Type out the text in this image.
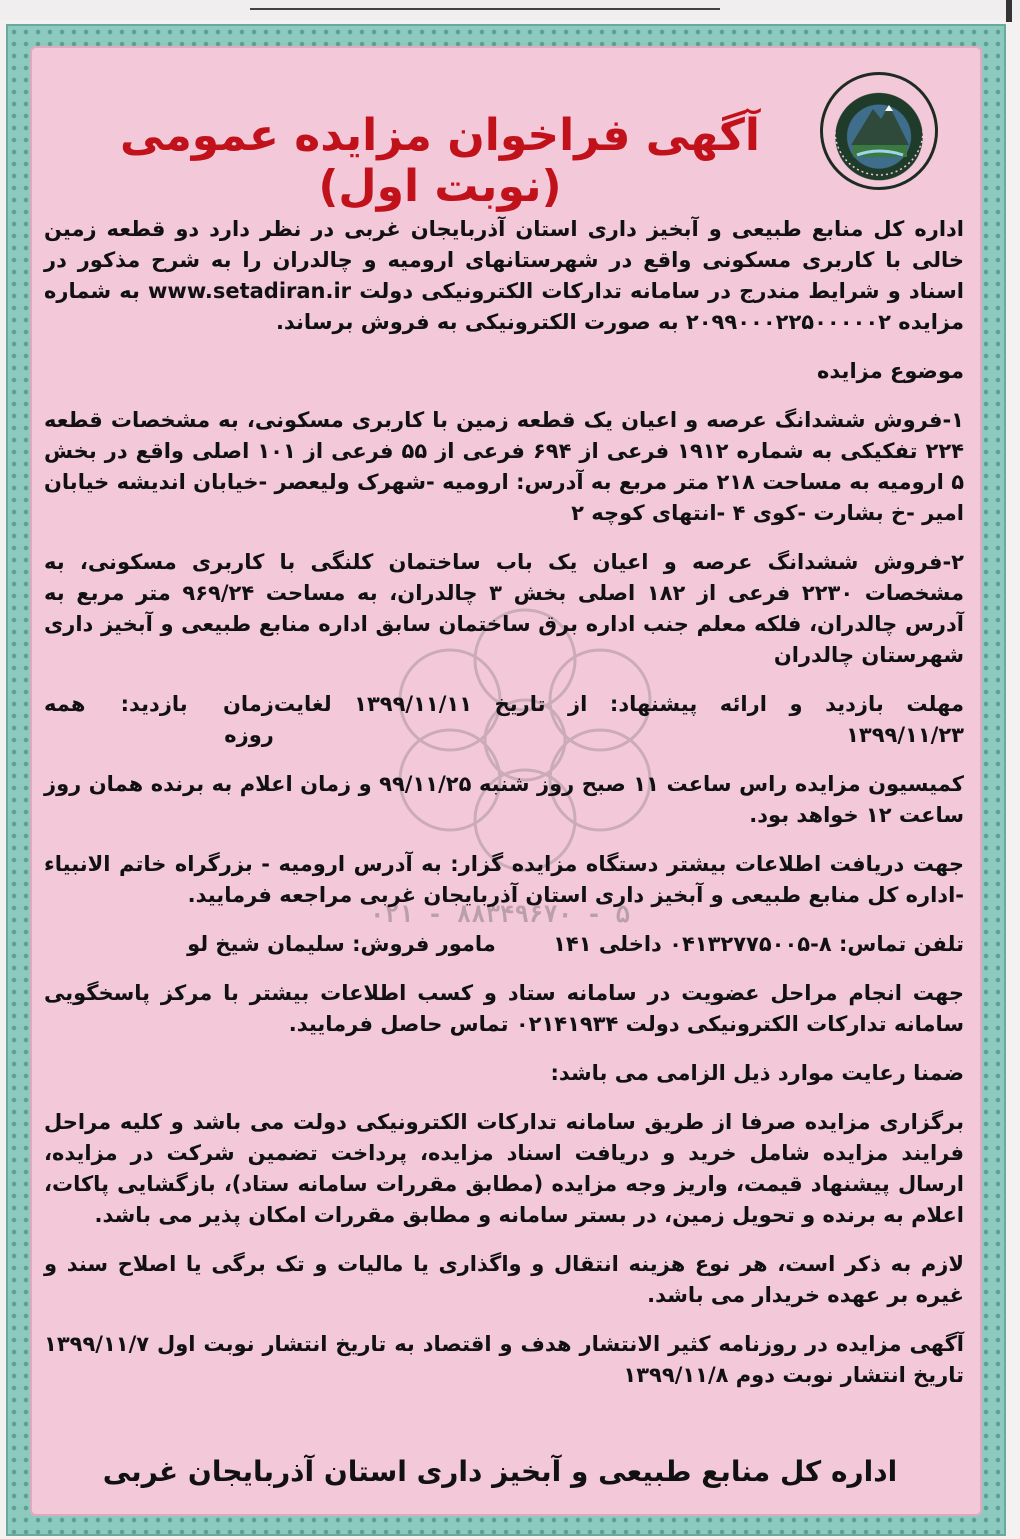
آگهی فراخوان مزایده عمومی (نوبت اول)
۰۲۱ - ۸۸۳۴۹۶۷۰ - ۵

اداره کل منابع طبیعی و آبخیز داری استان آذربایجان غربی در نظر دارد دو قطعه زمین خالی با کاربری مسکونی واقع در شهرستانهای ارومیه و چالدران را به شرح مذکور در اسناد و شرایط مندرج در سامانه تدارکات الکترونیکی دولت www.setadiran.ir به شماره مزایده ۲۰۹۹۰۰۰۲۲۵۰۰۰۰۰۲ به صورت الکترونیکی به فروش برساند.

موضوع مزایده

۱-فروش ششدانگ عرصه و اعیان یک قطعه زمین با کاربری مسکونی، به مشخصات قطعه ۲۲۴ تفکیکی به شماره ۱۹۱۲ فرعی از ۶۹۴ فرعی از ۵۵ فرعی از ۱۰۱ اصلی واقع در بخش ۵ ارومیه به مساحت ۲۱۸ متر مربع به آدرس: ارومیه -شهرک ولیعصر -خیابان اندیشه خیابان امیر -خ بشارت -کوی ۴ -انتهای کوچه ۲

۲-فروش ششدانگ عرصه و اعیان یک باب ساختمان کلنگی با کاربری مسکونی، به مشخصات ۲۲۳۰ فرعی از ۱۸۲ اصلی بخش ۳ چالدران، به مساحت ۹۶۹/۲۴ متر مربع به آدرس چالدران، فلکه معلم جنب اداره برق ساختمان سابق اداره منابع طبیعی و آبخیز داری شهرستان چالدران

مهلت بازدید و ارائه پیشنهاد: از تاریخ ۱۳۹۹/۱۱/۱۱ لغایت ۱۳۹۹/۱۱/۲۳
زمان بازدید: همه روزه

کمیسیون مزایده راس ساعت ۱۱ صبح روز شنبه ۹۹/۱۱/۲۵ و زمان اعلام به برنده همان روز ساعت ۱۲ خواهد بود.

جهت دریافت اطلاعات بیشتر دستگاه مزایده گزار: به آدرس ارومیه - بزرگراه خاتم الانبیاء -اداره کل منابع طبیعی و آبخیز داری استان آذربایجان غربی مراجعه فرمایید.

تلفن تماس: ۸-۰۴۱۳۲۷۷۵۰۰۵ داخلی ۱۴۱ مامور فروش: سلیمان شیخ لو

جهت انجام مراحل عضویت در سامانه ستاد و کسب اطلاعات بیشتر با مرکز پاسخگویی سامانه تدارکات الکترونیکی دولت ۰۲۱۴۱۹۳۴ تماس حاصل فرمایید.

ضمنا رعایت موارد ذیل الزامی می باشد:

برگزاری مزایده صرفا از طریق سامانه تدارکات الکترونیکی دولت می باشد و کلیه مراحل فرایند مزایده شامل خرید و دریافت اسناد مزایده، پرداخت تضمین شرکت در مزایده، ارسال پیشنهاد قیمت، واریز وجه مزایده (مطابق مقررات سامانه ستاد)، بازگشایی پاکات، اعلام به برنده و تحویل زمین، در بستر سامانه و مطابق مقررات امکان پذیر می باشد.

لازم به ذکر است، هر نوع هزینه انتقال و واگذاری یا مالیات و تک برگی یا اصلاح سند و غیره بر عهده خریدار می باشد.

آگهی مزایده در روزنامه کثیر الانتشار هدف و اقتصاد به تاریخ انتشار نوبت اول ۱۳۹۹/۱۱/۷ تاریخ انتشار نوبت دوم ۱۳۹۹/۱۱/۸

اداره کل منابع طبیعی و آبخیز داری استان آذربایجان غربی
